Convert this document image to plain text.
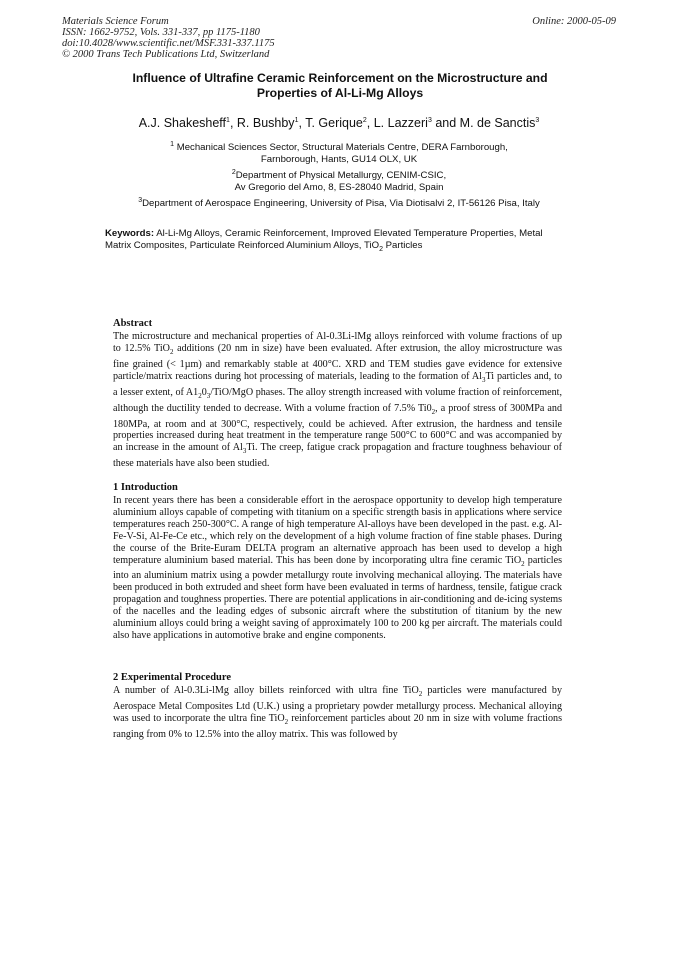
Materials Science Forum
ISSN: 1662-9752, Vols. 331-337, pp 1175-1180
doi:10.4028/www.scientific.net/MSF.331-337.1175
© 2000 Trans Tech Publications Ltd, Switzerland
Online: 2000-05-09
Influence of Ultrafine Ceramic Reinforcement on the Microstructure and
Properties of Al-Li-Mg Alloys
A.J. Shakesheff$^1$, R. Bushby$^1$, T. Gerique$^2$, L. Lazzeri$^3$ and M. de Sanctis$^3$
$^1$ Mechanical Sciences Sector, Structural Materials Centre, DERA Farnborough,
Farnborough, Hants, GU14 OLX, UK
$^2$Department of Physical Metallurgy, CENIM-CSIC,
Av Gregorio del Amo, 8, ES-28040 Madrid, Spain
$^3$Department of Aerospace Engineering, University of Pisa, Via Diotisalvi 2, IT-56126 Pisa, Italy
Keywords: Al-Li-Mg Alloys, Ceramic Reinforcement, Improved Elevated Temperature Properties, Metal Matrix Composites, Particulate Reinforced Aluminium Alloys, TiO$_2$ Particles
Abstract
The microstructure and mechanical properties of Al-0.3Li-lMg alloys reinforced with volume fractions of up to 12.5% TiO$_2$ additions (20 nm in size) have been evaluated. After extrusion, the alloy microstructure was fine grained (< 1µm) and remarkably stable at 400°C. XRD and TEM studies gave evidence for extensive particle/matrix reactions during hot processing of materials, leading to the formation of $Al_3Ti$ particles and, to a lesser extent, of $A1_20_3/TiO$/MgO phases. The alloy strength increased with volume fraction of reinforcement, although the ductility tended to decrease. With a volume fraction of 7.5% $Ti0_2$, a proof stress of 300MPa and 180MPa, at room and at 300°C, respectively, could be achieved. After extrusion, the hardness and tensile properties increased during heat treatment in the temperature range 500°C to 600°C and was accompanied by an increase in the amount of $Al_3Ti$. The creep, fatigue crack propagation and fracture toughness behaviour of these materials have also been studied.
1 Introduction
In recent years there has been a considerable effort in the aerospace opportunity to develop high temperature aluminium alloys capable of competing with titanium on a specific strength basis in applications where service temperatures reach 250-300°C. A range of high temperature Al-alloys have been developed in the past. e.g. Al-Fe-V-Si, Al-Fe-Ce etc., which rely on the development of a high volume fraction of fine stable phases. During the course of the Brite-Euram DELTA program an alternative approach has been used to develop a high temperature aluminium based material. This has been done by incorporating ultra fine ceramic TiO$_2$ particles into an aluminium matrix using a powder metallurgy route involving mechanical alloying. The materials have been produced in both extruded and sheet form have been evaluated in terms of hardness, tensile, fatigue crack propagation and toughness properties. There are potential applications in air-conditioning and de-icing systems of the nacelles and the leading edges of subsonic aircraft where the substitution of titanium by the new aluminium alloys could bring a weight saving of approximately 100 to 200 kg per aircraft. The materials could also have applications in automotive brake and engine components.
2 Experimental Procedure
A number of Al-0.3Li-lMg alloy billets reinforced with ultra fine TiO$_2$ particles were manufactured by Aerospace Metal Composites Ltd (U.K.) using a proprietary powder metallurgy process. Mechanical alloying was used to incorporate the ultra fine TiO$_2$ reinforcement particles about 20 nm in size with volume fractions ranging from 0% to 12.5% into the alloy matrix. This was followed by
